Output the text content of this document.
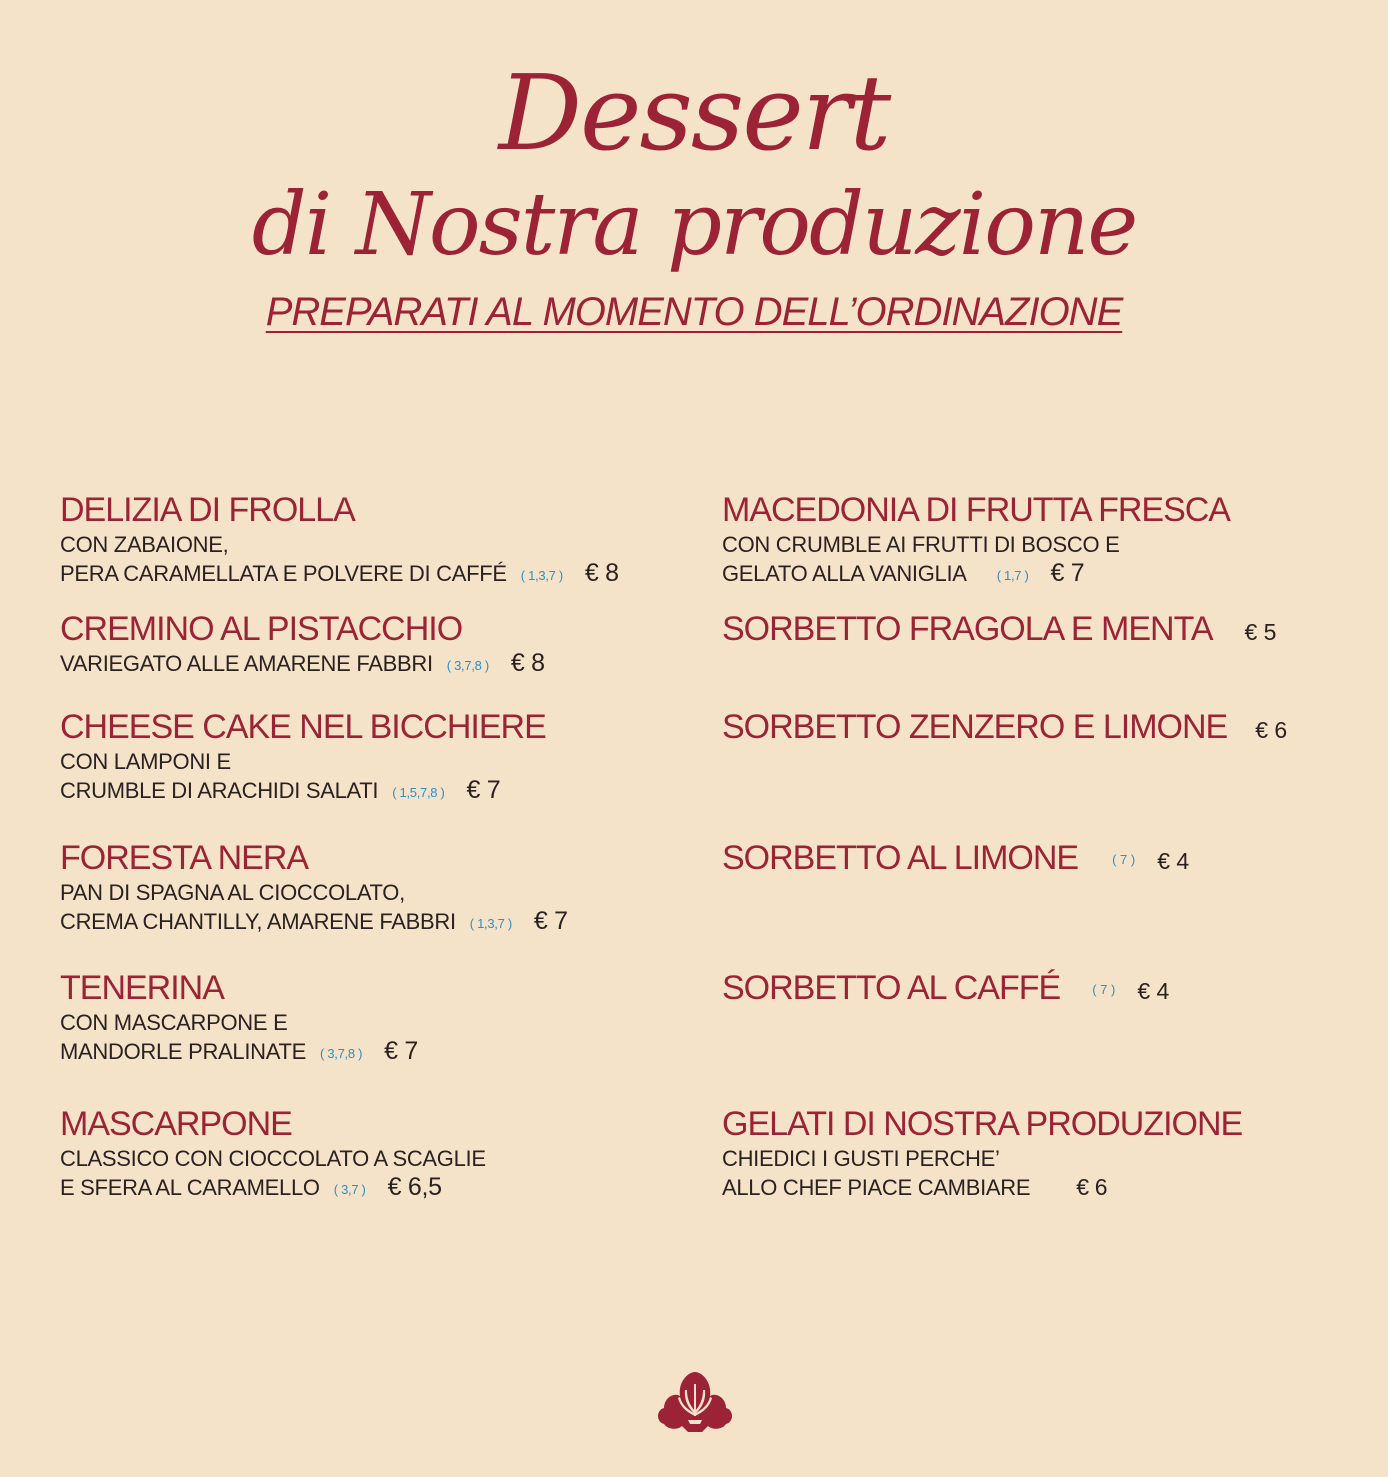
Dessert
di Nostra produzione
PREPARATI AL MOMENTO DELL’ORDINAZIONE
DELIZIA DI FROLLA
CON ZABAIONE,
PERA CARAMELLATA E POLVERE DI CAFFÉ ( 1,3,7 ) € 8
CREMINO AL PISTACCHIO
VARIEGATO ALLE AMARENE FABBRI ( 3,7,8 ) € 8
CHEESE CAKE NEL BICCHIERE
CON LAMPONI E
CRUMBLE DI ARACHIDI SALATI ( 1,5,7,8 ) € 7
FORESTA NERA
PAN DI SPAGNA AL CIOCCOLATO,
CREMA CHANTILLY, AMARENE FABBRI ( 1,3,7 ) € 7
TENERINA
CON MASCARPONE E
MANDORLE PRALINATE ( 3,7,8 ) € 7
MASCARPONE
CLASSICO CON CIOCCOLATO A SCAGLIE
E SFERA AL CARAMELLO ( 3,7 ) € 6,5
MACEDONIA DI FRUTTA FRESCA
CON CRUMBLE AI FRUTTI DI BOSCO E
GELATO ALLA VANIGLIA ( 1,7 ) € 7
SORBETTO FRAGOLA E MENTA € 5
SORBETTO ZENZERO E LIMONE € 6
SORBETTO AL LIMONE	( 7 ) € 4
SORBETTO AL CAFFÉ ( 7 ) € 4
GELATI DI NOSTRA PRODUZIONE
CHIEDICI I GUSTI PERCHE’
ALLO CHEF PIACE CAMBIARE € 6
